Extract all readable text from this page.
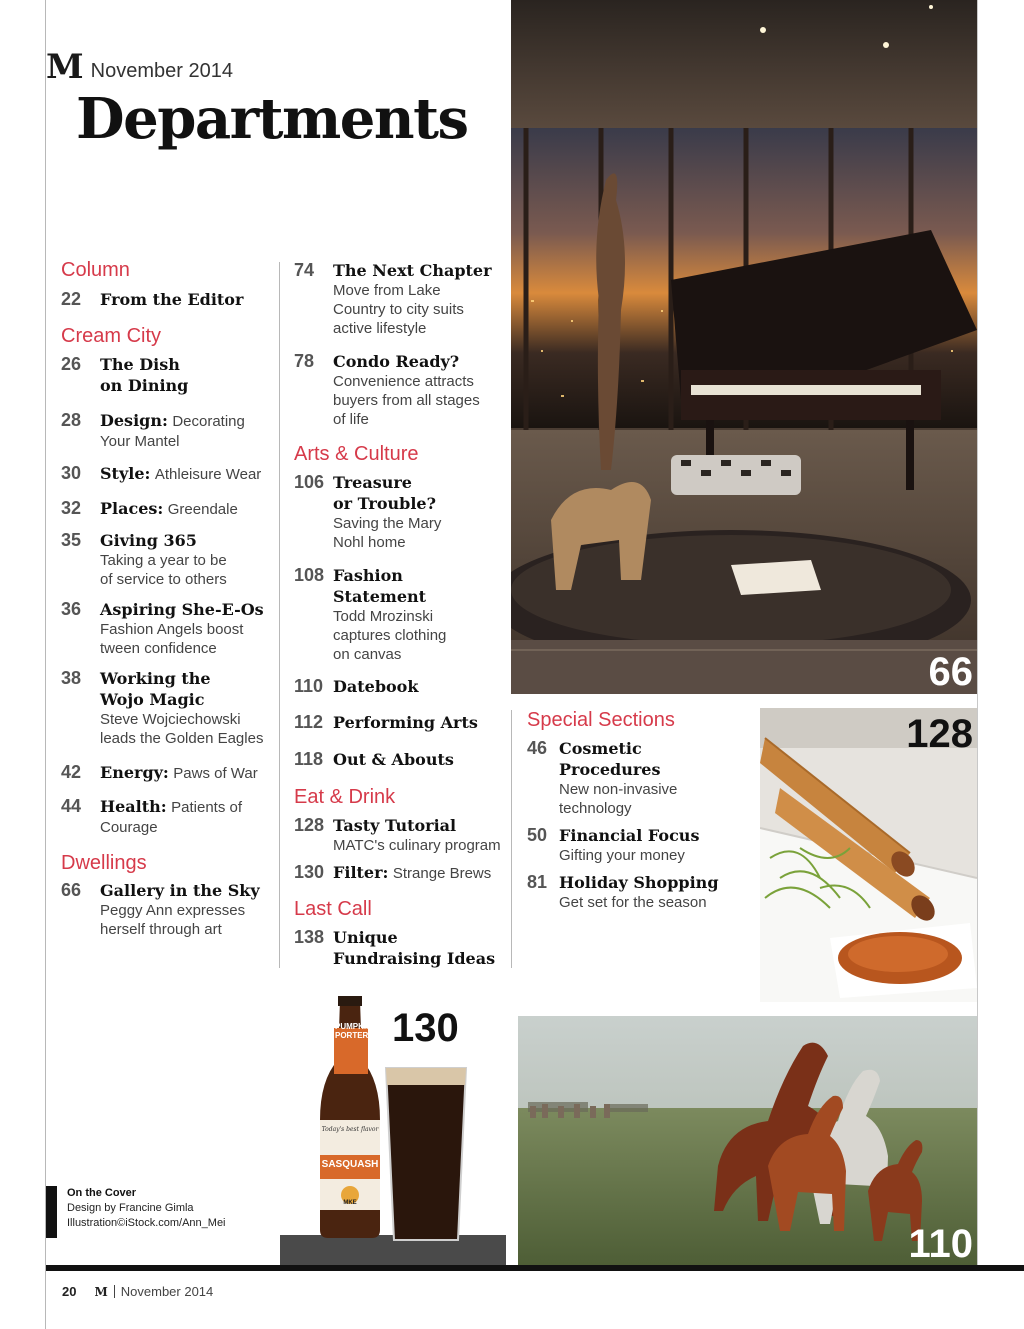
M November 2014
Departments
Column
22 From the Editor
Cream City
26 The Dish
on Dining
28 Design: Decorating
Your Mantel
30 Style: Athleisure Wear
32 Places: Greendale
35 Giving 365
Taking a year to be
of service to others
36 Aspiring She-E-Os
Fashion Angels boost
tween confidence
38 Working the
Wojo Magic
Steve Wojciechowski
leads the Golden Eagles
42 Energy: Paws of War
44 Health: Patients of
Courage
Dwellings
66 Gallery in the Sky
Peggy Ann expresses
herself through art
74 The Next Chapter
Move from Lake
Country to city suits
active lifestyle
78 Condo Ready?
Convenience attracts
buyers from all stages
of life
Arts & Culture
106 Treasure
or Trouble?
Saving the Mary
Nohl home
108 Fashion
Statement
Todd Mrozinski
captures clothing
on canvas
110 Datebook
112 Performing Arts
118 Out & Abouts
Eat & Drink
128 Tasty Tutorial
MATC's culinary program
130 Filter: Strange Brews
Last Call
138 Unique
Fundraising Ideas
Special Sections
46 Cosmetic
Procedures
New non-invasive
technology
50 Financial Focus
Gifting your money
81 Holiday Shopping
Get set for the season
66
128
PUMPKIN PORTER
Today's best flavor
SASQUASH
MKE
130
110
On the Cover
Design by Francine Gimla
Illustration©iStock.com/Ann_Mei
20 M November 2014
